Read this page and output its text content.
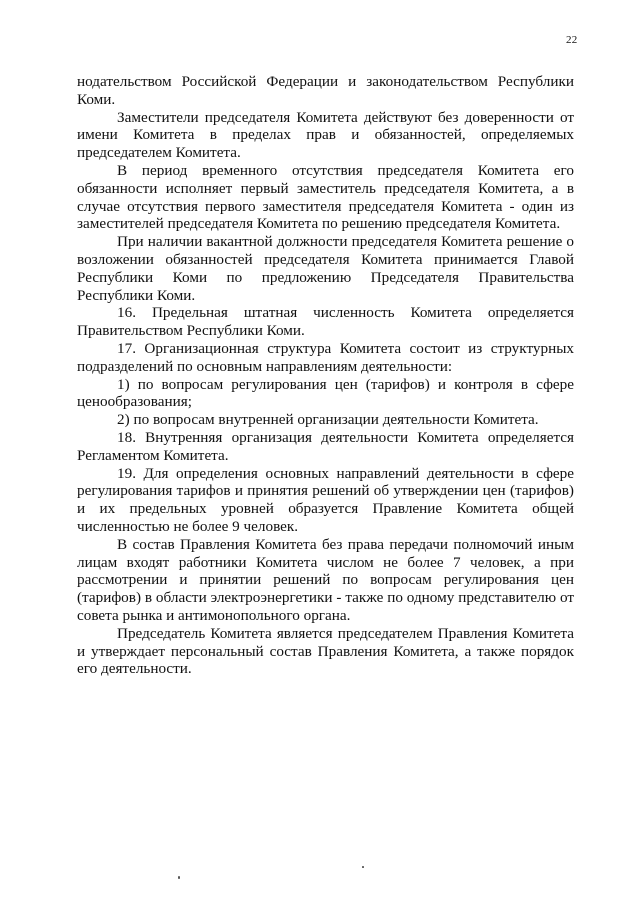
22

нодательством Российской Федерации и законодательством Республики Коми.

Заместители председателя Комитета действуют без доверенности от имени Комитета в пределах прав и обязанностей, определяемых председателем Комитета.

В период временного отсутствия председателя Комитета его обязанности исполняет первый заместитель председателя Комитета, а в случае отсутствия первого заместителя председателя Комитета - один из заместителей председателя Комитета по решению председателя Комитета.

При наличии вакантной должности председателя Комитета решение о возложении обязанностей председателя Комитета принимается Главой Республики Коми по предложению Председателя Правительства Республики Коми.

16. Предельная штатная численность Комитета определяется Правительством Республики Коми.

17. Организационная структура Комитета состоит из структурных подразделений по основным направлениям деятельности:

1) по вопросам регулирования цен (тарифов) и контроля в сфере ценообразования;

2) по вопросам внутренней организации деятельности Комитета.

18. Внутренняя организация деятельности Комитета определяется Регламентом Комитета.

19. Для определения основных направлений деятельности в сфере регулирования тарифов и принятия решений об утверждении цен (тарифов) и их предельных уровней образуется Правление Комитета общей численностью не более 9 человек.

В состав Правления Комитета без права передачи полномочий иным лицам входят работники Комитета числом не более 7 человек, а при рассмотрении и принятии решений по вопросам регулирования цен (тарифов) в области электроэнергетики - также по одному представителю от совета рынка и антимонопольного органа.

Председатель Комитета является председателем Правления Комитета и утверждает персональный состав Правления Комитета, а также порядок его деятельности.
